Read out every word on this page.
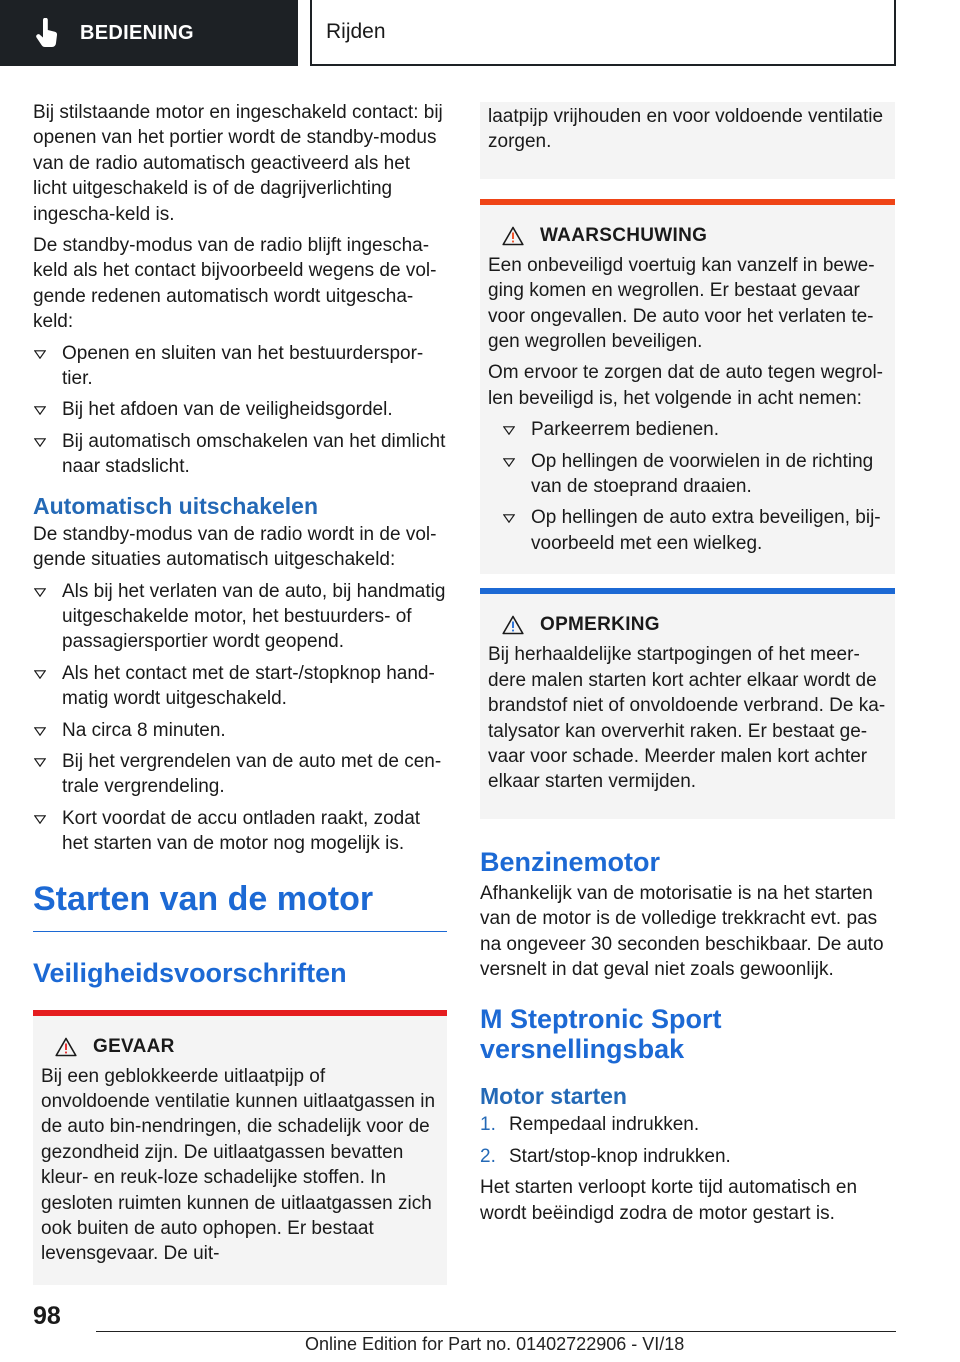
BEDIENING	Rijden

Bij stilstaande motor en ingeschakeld contact: bij openen van het portier wordt de standby-modus van de radio automatisch geactiveerd als het licht uitgeschakeld is of de dagrijverlichting ingescha-keld is.

De standby-modus van de radio blijft ingescha-keld als het contact bijvoorbeeld wegens de vol-gende redenen automatisch wordt uitgescha-keld:

Openen en sluiten van het bestuurderspor-tier.
Bij het afdoen van de veiligheidsgordel.
Bij automatisch omschakelen van het dimlicht naar stadslicht.
Automatisch uitschakelen

De standby-modus van de radio wordt in de vol-gende situaties automatisch uitgeschakeld:

Als bij het verlaten van de auto, bij handmatig uitgeschakelde motor, het bestuurders- of passagiersportier wordt geopend.
Als het contact met de start-/stopknop hand-matig wordt uitgeschakeld.
Na circa 8 minuten.
Bij het vergrendelen van de auto met de cen-trale vergrendeling.
Kort voordat de accu ontladen raakt, zodat het starten van de motor nog mogelijk is.
Starten van de motor
Veiligheidsvoorschriften
GEVAAR

Bij een geblokkeerde uitlaatpijp of onvoldoende ventilatie kunnen uitlaatgassen in de auto bin-nendringen, die schadelijk voor de gezondheid zijn. De uitlaatgassen bevatten kleur- en reuk-loze schadelijke stoffen. In gesloten ruimten kunnen de uitlaatgassen zich ook buiten de auto ophopen. Er bestaat levensgevaar. De uit-

laatpijp vrijhouden en voor voldoende ventilatie zorgen.

WAARSCHUWING

Een onbeveiligd voertuig kan vanzelf in bewe-ging komen en wegrollen. Er bestaat gevaar voor ongevallen. De auto voor het verlaten te-gen wegrollen beveiligen.

Om ervoor te zorgen dat de auto tegen wegrol-len beveiligd is, het volgende in acht nemen:

Parkeerrem bedienen.
Op hellingen de voorwielen in de richting van de stoeprand draaien.
Op hellingen de auto extra beveiligen, bij-voorbeeld met een wielkeg.
OPMERKING

Bij herhaaldelijke startpogingen of het meer-dere malen starten kort achter elkaar wordt de brandstof niet of onvoldoende verbrand. De ka-talysator kan oververhit raken. Er bestaat ge-vaar voor schade. Meerder malen kort achter elkaar starten vermijden.

Benzinemotor

Afhankelijk van de motorisatie is na het starten van de motor is de volledige trekkracht evt. pas na ongeveer 30 seconden beschikbaar. De auto versnelt in dat geval niet zoals gewoonlijk.

M Steptronic Sport versnellingsbak
Motor starten
1. Rempedaal indrukken.
2. Start/stop-knop indrukken.

Het starten verloopt korte tijd automatisch en wordt beëindigd zodra de motor gestart is.

98
Online Edition for Part no. 01402722906 - VI/18
